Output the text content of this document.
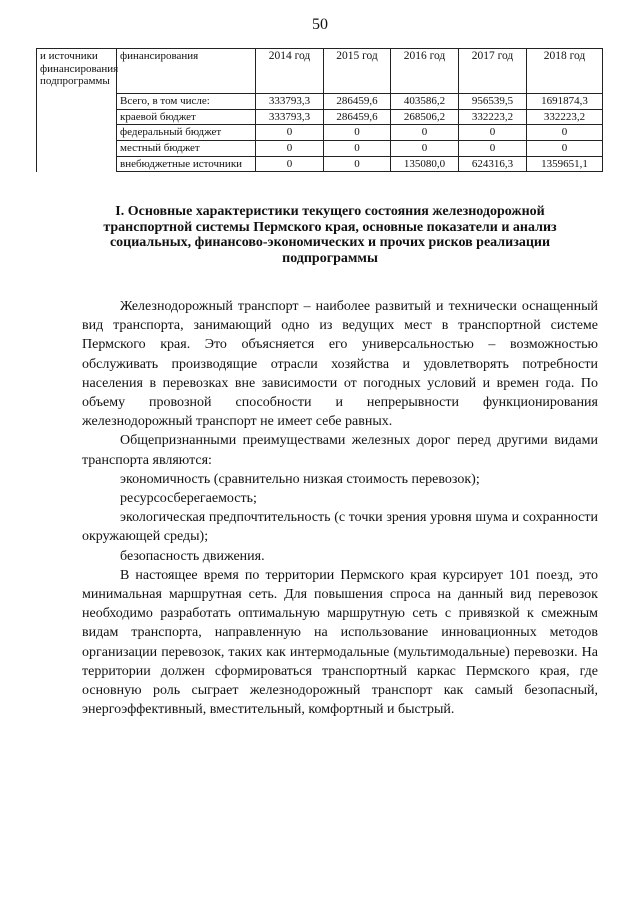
50
и источники финансирования подпрограммы	финансирования	2014 год	2015 год	2016 год	2017 год	2018 год
	Всего, в том числе:	333793,3	286459,6	403586,2	956539,5	1691874,3
	краевой бюджет	333793,3	286459,6	268506,2	332223,2	332223,2
	федеральный бюджет	0	0	0	0	0
	местный бюджет	0	0	0	0	0
	внебюджетные источники	0	0	135080,0	624316,3	1359651,1
I. Основные характеристики текущего состояния железнодорожной транспортной системы Пермского края, основные показатели и анализ социальных, финансово-экономических и прочих рисков реализации подпрограммы

Железнодорожный транспорт – наиболее развитый и технически оснащенный вид транспорта, занимающий одно из ведущих мест в транспортной системе Пермского края. Это объясняется его универсальностью – возможностью обслуживать производящие отрасли хозяйства и удовлетворять потребности населения в перевозках вне зависимости от погодных условий и времен года. По объему провозной способности и непрерывности функционирования железнодорожный транспорт не имеет себе равных.

Общепризнанными преимуществами железных дорог перед другими видами транспорта являются:

экономичность (сравнительно низкая стоимость перевозок);

ресурсосберегаемость;

экологическая предпочтительность (с точки зрения уровня шума и сохранности окружающей среды);

безопасность движения.

В настоящее время по территории Пермского края курсирует 101 поезд, это минимальная маршрутная сеть. Для повышения спроса на данный вид перевозок необходимо разработать оптимальную маршрутную сеть с привязкой к смежным видам транспорта, направленную на использование инновационных методов организации перевозок, таких как интермодальные (мультимодальные) перевозки. На территории должен сформироваться транспортный каркас Пермского края, где основную роль сыграет железнодорожный транспорт как самый безопасный, энергоэффективный, вместительный, комфортный и быстрый.
